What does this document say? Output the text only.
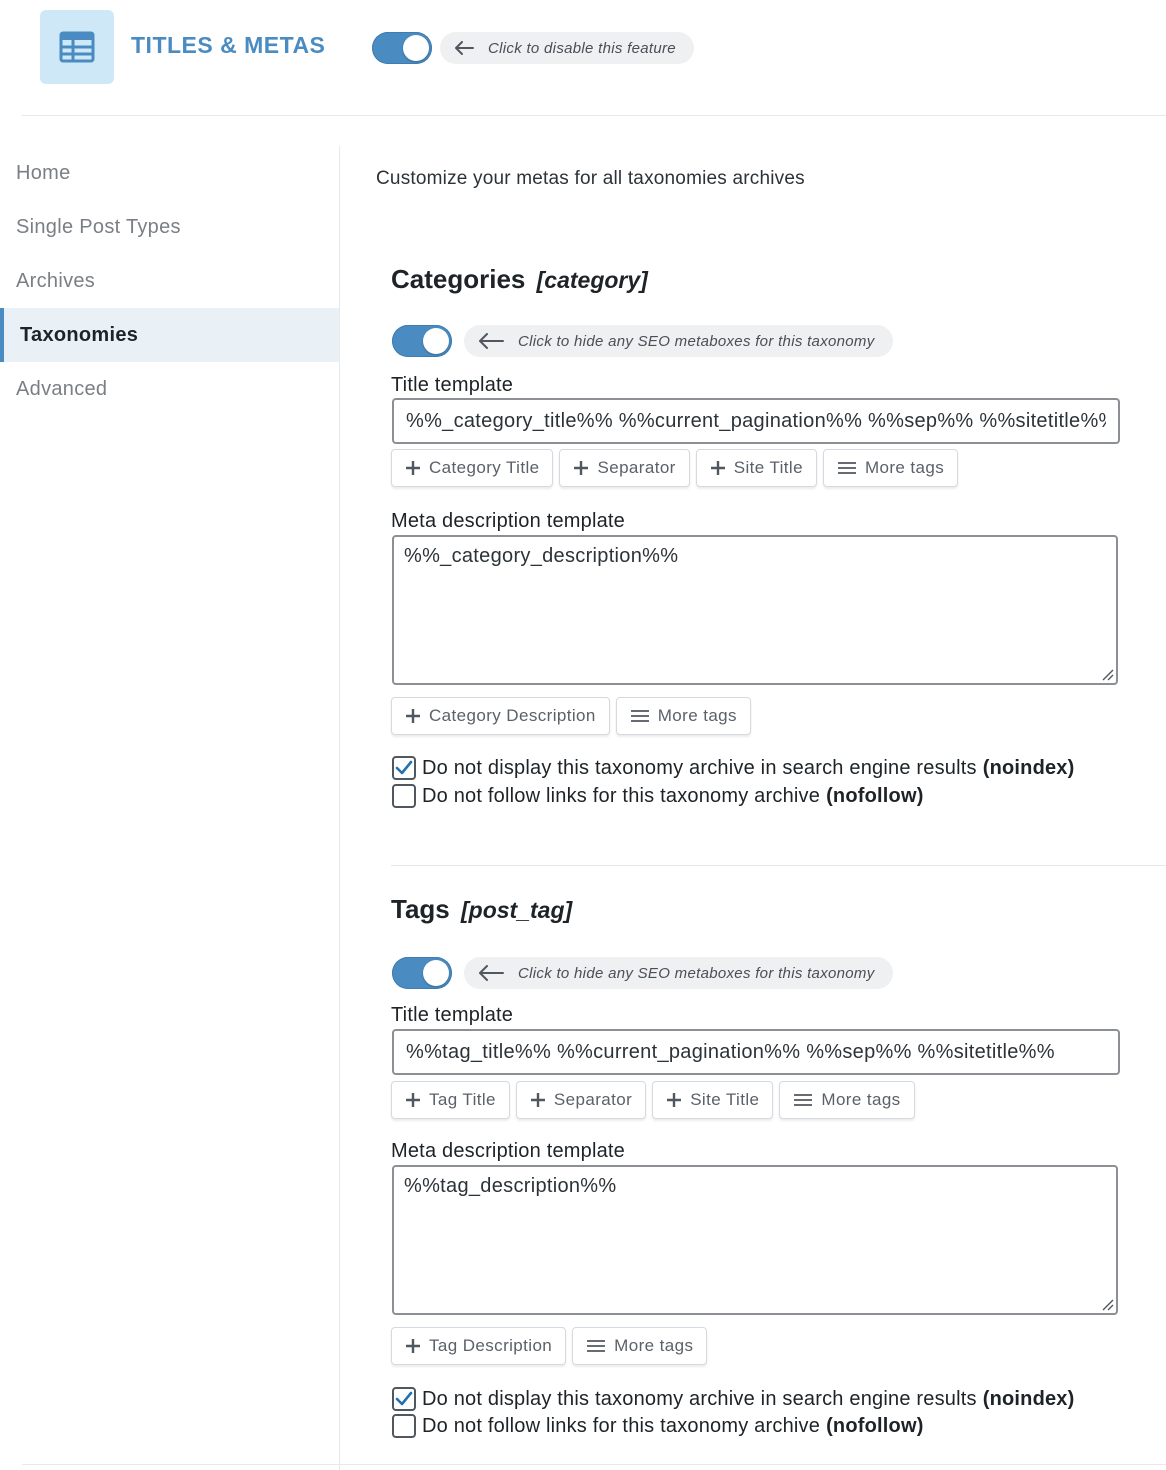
TITLES & METAS	Click to disable this feature
Home
Single Post Types
Archives
Taxonomies
Advanced
Customize your metas for all taxonomies archives
Categories [category]
Click to hide any SEO metaboxes for this taxonomy
Title template
%%_category_title%% %%current_pagination%% %%sep%% %%sitetitle%%
Category Title	Separator	Site Title	More tags
Meta description template
%%_category_description%%
Category Description	More tags
Do not display this taxonomy archive in search engine results (noindex)
Do not follow links for this taxonomy archive (nofollow)
Tags [post_tag]
Click to hide any SEO metaboxes for this taxonomy
Title template
%%tag_title%% %%current_pagination%% %%sep%% %%sitetitle%%
Tag Title	Separator	Site Title	More tags
Meta description template
%%tag_description%%
Tag Description	More tags
Do not display this taxonomy archive in search engine results (noindex)
Do not follow links for this taxonomy archive (nofollow)
